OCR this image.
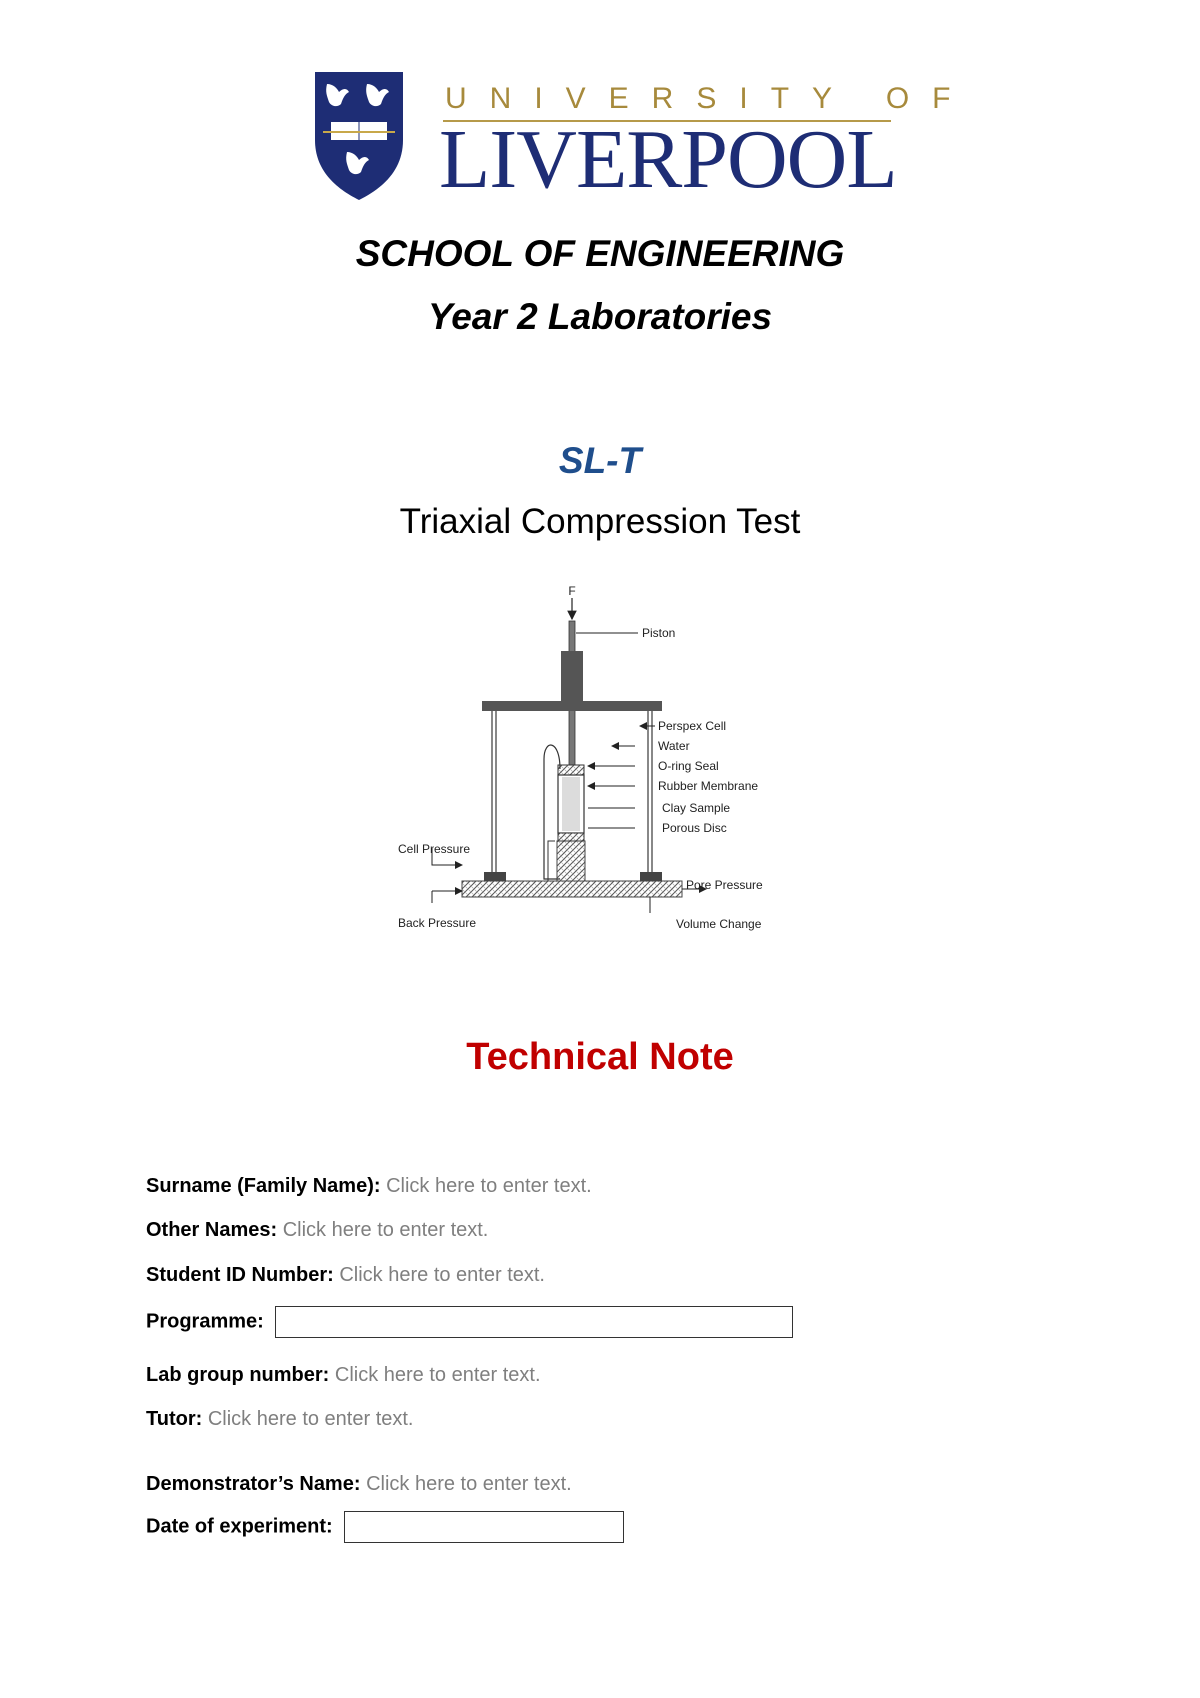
UNIVERSITY OF
LIVERPOOL
SCHOOL OF ENGINEERING
Year 2 Laboratories
SL-T
Triaxial Compression Test
F
Piston
Perspex Cell
Water
O-ring Seal
Rubber Membrane
Clay Sample
Porous Disc
Cell Pressure
Back Pressure
Pore Pressure
Volume Change
Technical Note
Surname (Family Name): Click here to enter text.
Other Names: Click here to enter text.
Student ID Number: Click here to enter text.
Programme:
Lab group number: Click here to enter text.
Tutor: Click here to enter text.
Demonstrator’s Name: Click here to enter text.
Date of experiment:
